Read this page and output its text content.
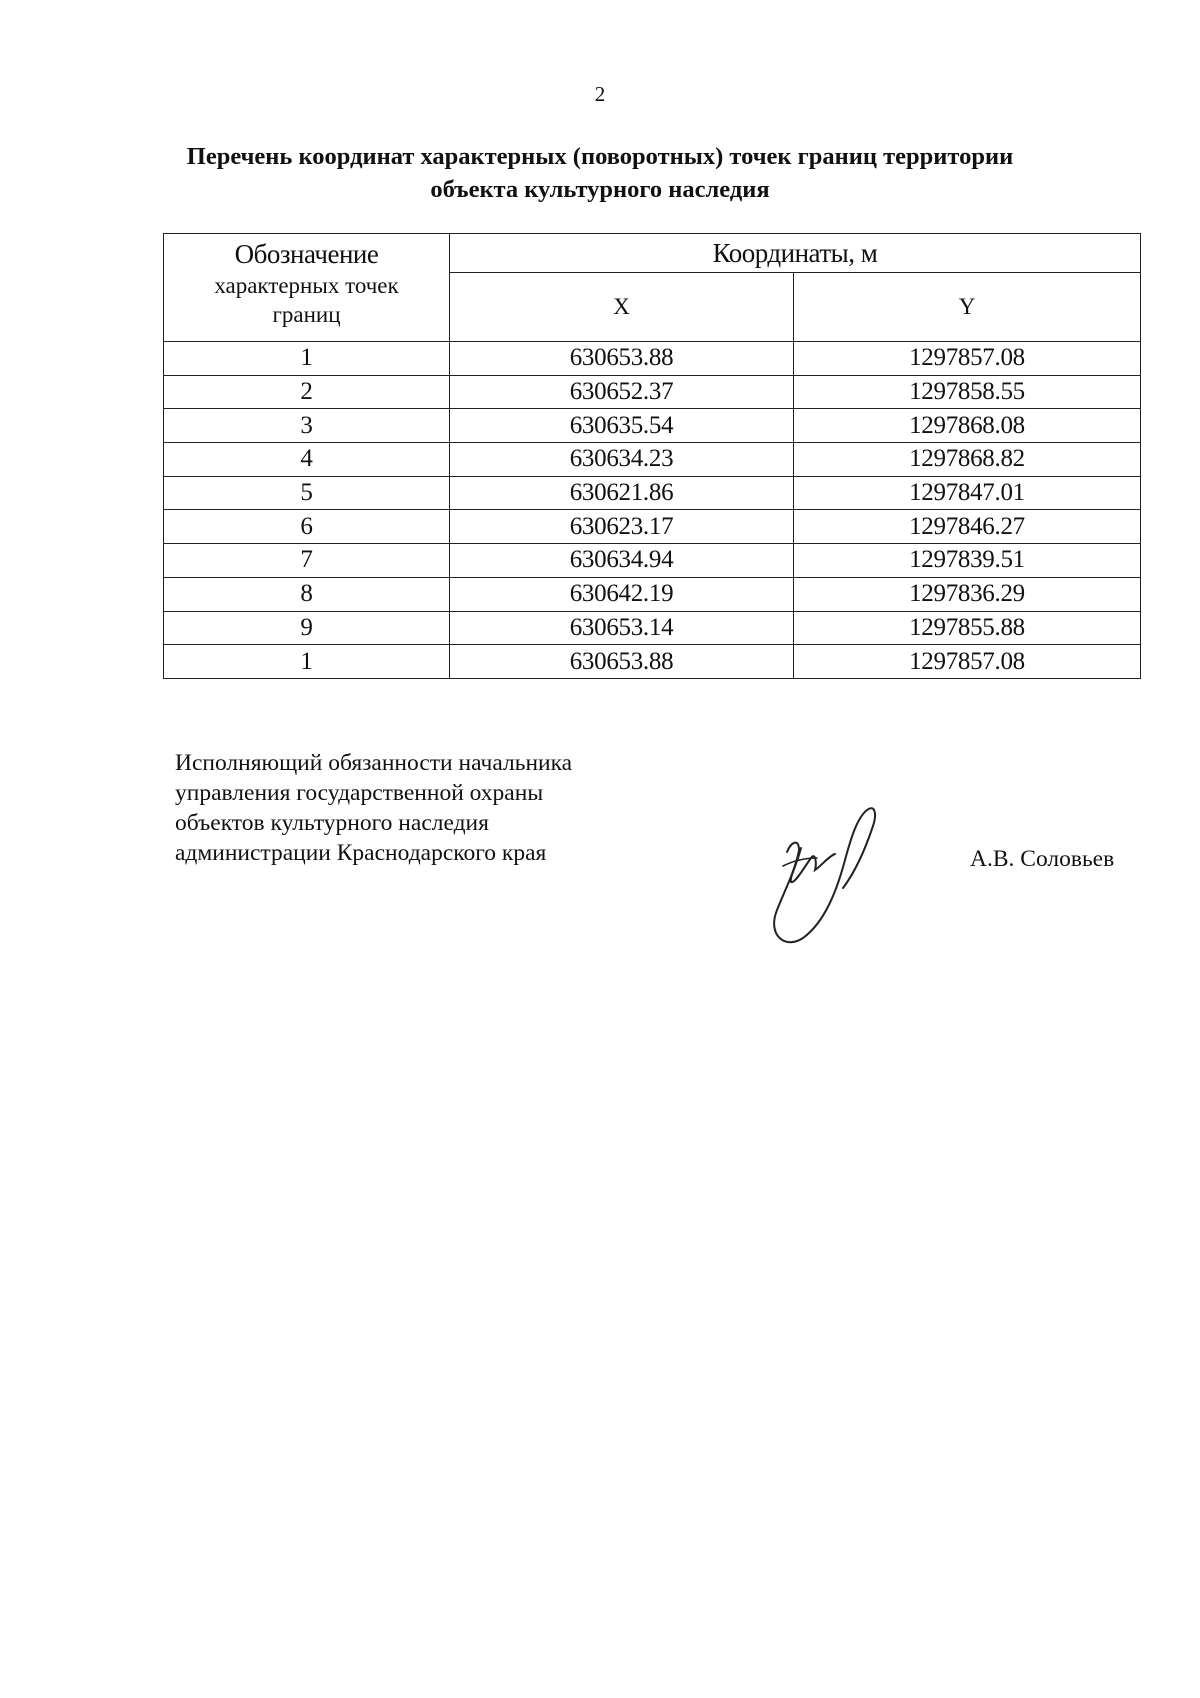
2
Перечень координат характерных (поворотных) точек границ территории
объекта культурного наследия
Обозначение
характерных точек
границ	Координаты, м	
	X	Y
1	630653.88	1297857.08
2	630652.37	1297858.55
3	630635.54	1297868.08
4	630634.23	1297868.82
5	630621.86	1297847.01
6	630623.17	1297846.27
7	630634.94	1297839.51
8	630642.19	1297836.29
9	630653.14	1297855.88
1	630653.88	1297857.08
Исполняющий обязанности начальника
управления государственной охраны
объектов культурного наследия
администрации Краснодарского края	А.В. Соловьев
